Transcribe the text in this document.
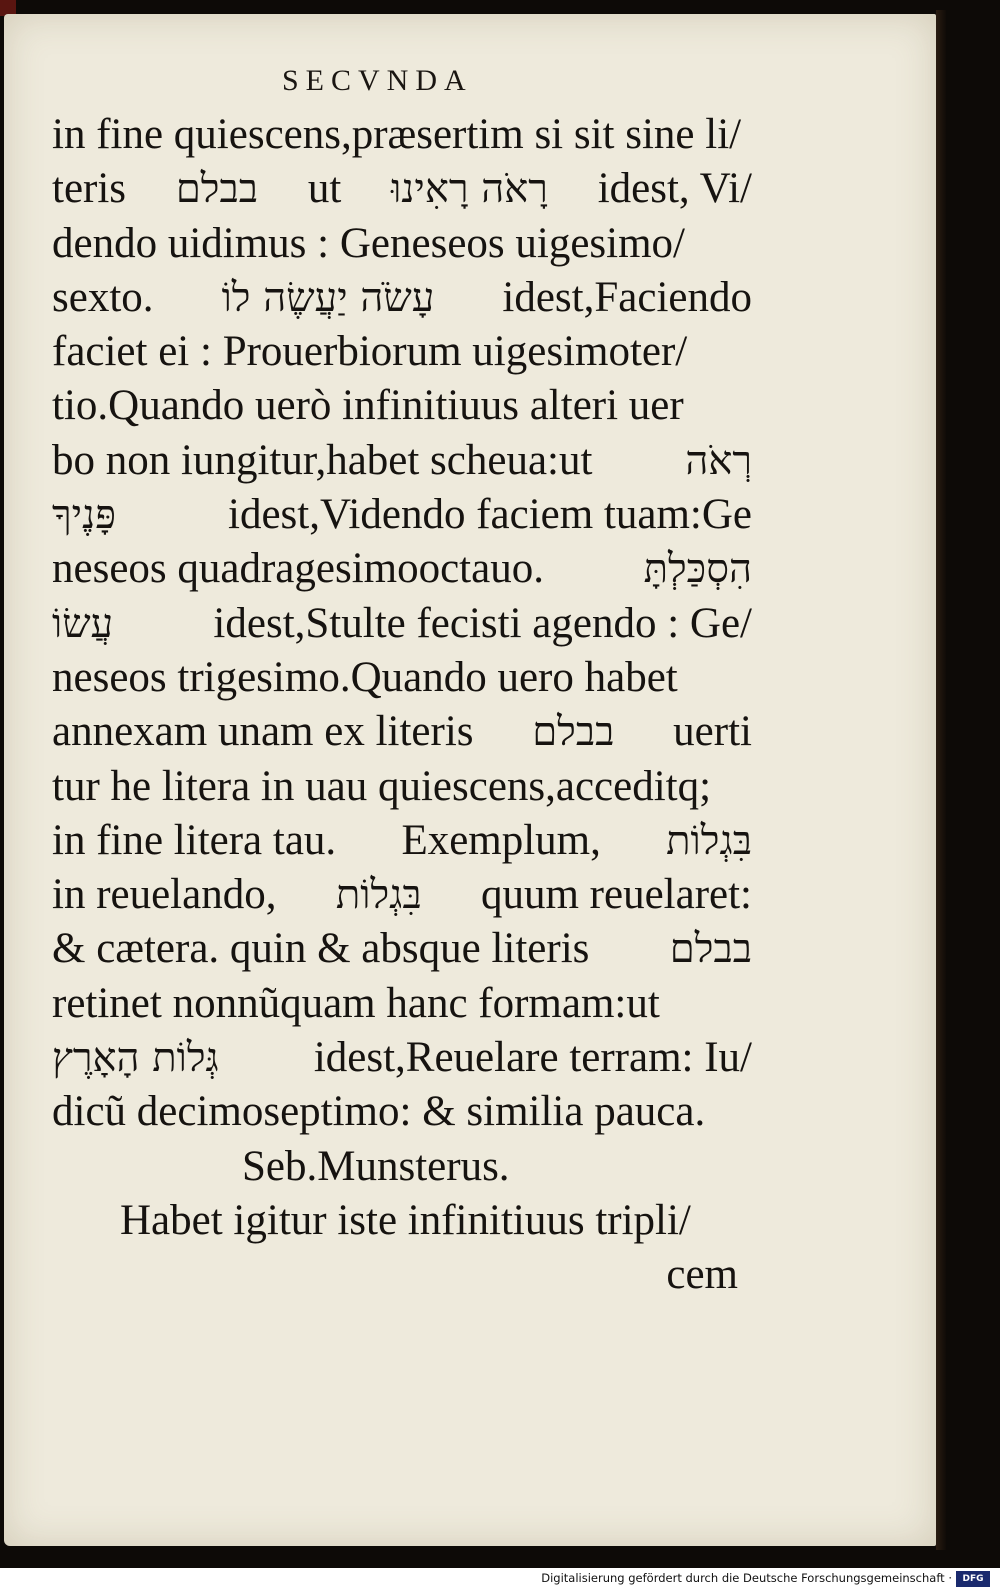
SECVNDA
in fine quiescens,præsertim si sit sine li/
teris בבלם ut רָאֹה רָאִינוּ idest, Vi/
dendo uidimus : Geneseos uigesimo/
sexto. עָשֹׂה יַעֲשֶׂה לוֹ idest,Faciendo
faciet ei : Prouerbiorum uigesimoter/
tio.Quando uerò infinitiuus alteri uer
bo non iungitur,habet scheua:ut רְאֹה
פָּנֶיךָ	idest,Videndo faciem tuam:Ge
neseos quadragesimooctauo. הִסְכַּלְתָּ
עֲשׂוֹ idest,Stulte fecisti agendo : Ge/
neseos trigesimo.Quando uero habet
annexam unam ex literis בבלם uerti
tur he litera in uau quiescens,acceditq;
in fine litera tau. Exemplum, בִּגְלוֹת
in reuelando, בִּגְלוֹת quum reuelaret:
& cætera. quin & absque literis בבלם
retinet nonnũquam hanc formam:ut
גְּלוֹת הָאָרֶץ idest,Reuelare terram: Iu/
dicũ decimoseptimo: & similia pauca.
Seb.Munsterus.
Habet igitur iste infinitiuus tripli/
cem
Digitalisierung gefördert durch die Deutsche Forschungsgemeinschaft ·	DFG
